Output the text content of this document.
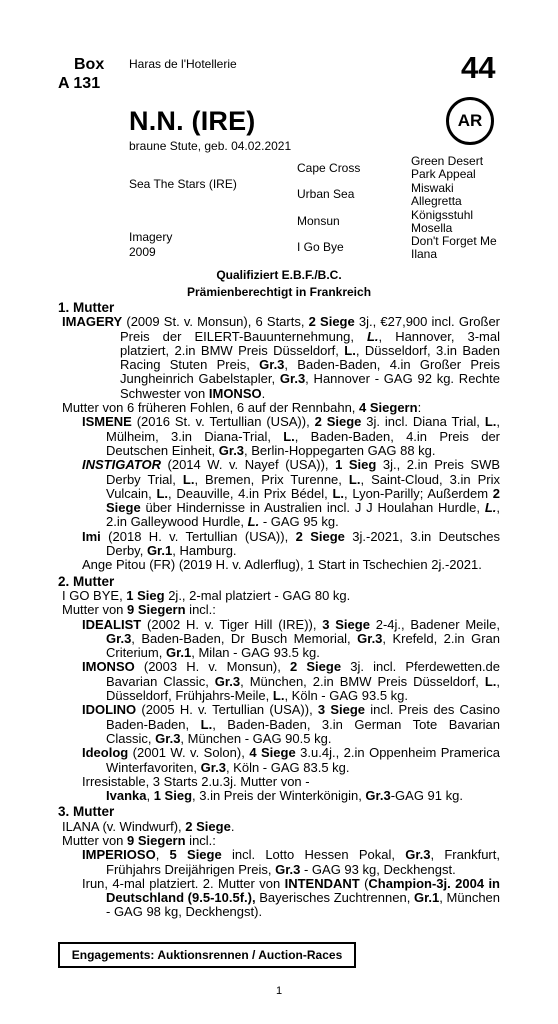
Box
A 131
Haras de l'Hotellerie	44
N.N. (IRE)	AR
braune Stute, geb. 04.02.2021
Sea The Stars (IRE)
Imagery
2009
Cape Cross
Urban Sea
Monsun
I Go Bye
Green Desert
Park Appeal
Miswaki
Allegretta
Königsstuhl
Mosella
Don't Forget Me
Ilana
Qualifiziert E.B.F./B.C.
Prämienberechtigt in Frankreich
1. Mutter

IMAGERY (2009 St. v. Monsun), 6 Starts, 2 Siege 3j., €27,900 incl. Großer Preis der EILERT-Bauunternehmung, L., Hannover, 3-mal platziert, 2.in BMW Preis Düsseldorf, L., Düsseldorf, 3.in Baden Racing Stuten Preis, Gr.3, Baden-Baden, 4.in Großer Preis Jungheinrich Gabelstapler, Gr.3, Hannover - GAG 92 kg. Rechte Schwester von IMONSO.

Mutter von 6 früheren Fohlen, 6 auf der Rennbahn, 4 Siegern:

ISMENE (2016 St. v. Tertullian (USA)), 2 Siege 3j. incl. Diana Trial, L., Mülheim, 3.in Diana-Trial, L., Baden-Baden, 4.in Preis der Deutschen Einheit, Gr.3, Berlin-Hoppegarten GAG 88 kg.

INSTIGATOR (2014 W. v. Nayef (USA)), 1 Sieg 3j., 2.in Preis SWB Derby Trial, L., Bremen, Prix Turenne, L., Saint-Cloud, 3.in Prix Vulcain, L., Deauville, 4.in Prix Bédel, L., Lyon-Parilly; Außerdem 2 Siege über Hindernisse in Australien incl. J J Houlahan Hurdle, L., 2.in Galleywood Hurdle, L. - GAG 95 kg.

Imi (2018 H. v. Tertullian (USA)), 2 Siege 3j.-2021, 3.in Deutsches Derby, Gr.1, Hamburg.

Ange Pitou (FR) (2019 H. v. Adlerflug), 1 Start in Tschechien 2j.-2021.

2. Mutter

I GO BYE, 1 Sieg 2j., 2-mal platziert - GAG 80 kg.

Mutter von 9 Siegern incl.:

IDEALIST (2002 H. v. Tiger Hill (IRE)), 3 Siege 2-4j., Badener Meile, Gr.3, Baden-Baden, Dr Busch Memorial, Gr.3, Krefeld, 2.in Gran Criterium, Gr.1, Milan - GAG 93.5 kg.

IMONSO (2003 H. v. Monsun), 2 Siege 3j. incl. Pferdewetten.de Bavarian Classic, Gr.3, München, 2.in BMW Preis Düsseldorf, L., Düsseldorf, Frühjahrs-Meile, L., Köln - GAG 93.5 kg.

IDOLINO (2005 H. v. Tertullian (USA)), 3 Siege incl. Preis des Casino Baden-Baden, L., Baden-Baden, 3.in German Tote Bavarian Classic, Gr.3, München - GAG 90.5 kg.

Ideolog (2001 W. v. Solon), 4 Siege 3.u.4j., 2.in Oppenheim Pramerica Winterfavoriten, Gr.3, Köln - GAG 83.5 kg.

Irresistable, 3 Starts 2.u.3j. Mutter von -

Ivanka, 1 Sieg, 3.in Preis der Winterkönigin, Gr.3-GAG 91 kg.

3. Mutter

ILANA (v. Windwurf), 2 Siege.

Mutter von 9 Siegern incl.:

IMPERIOSO, 5 Siege incl. Lotto Hessen Pokal, Gr.3, Frankfurt, Frühjahrs Dreijährigen Preis, Gr.3 - GAG 93 kg, Deckhengst.

Irun, 4-mal platziert. 2. Mutter von INTENDANT (Champion-3j. 2004 in Deutschland (9.5-10.5f.), Bayerisches Zuchtrennen, Gr.1, München - GAG 98 kg, Deckhengst).

Engagements: Auktionsrennen / Auction-Races
1
